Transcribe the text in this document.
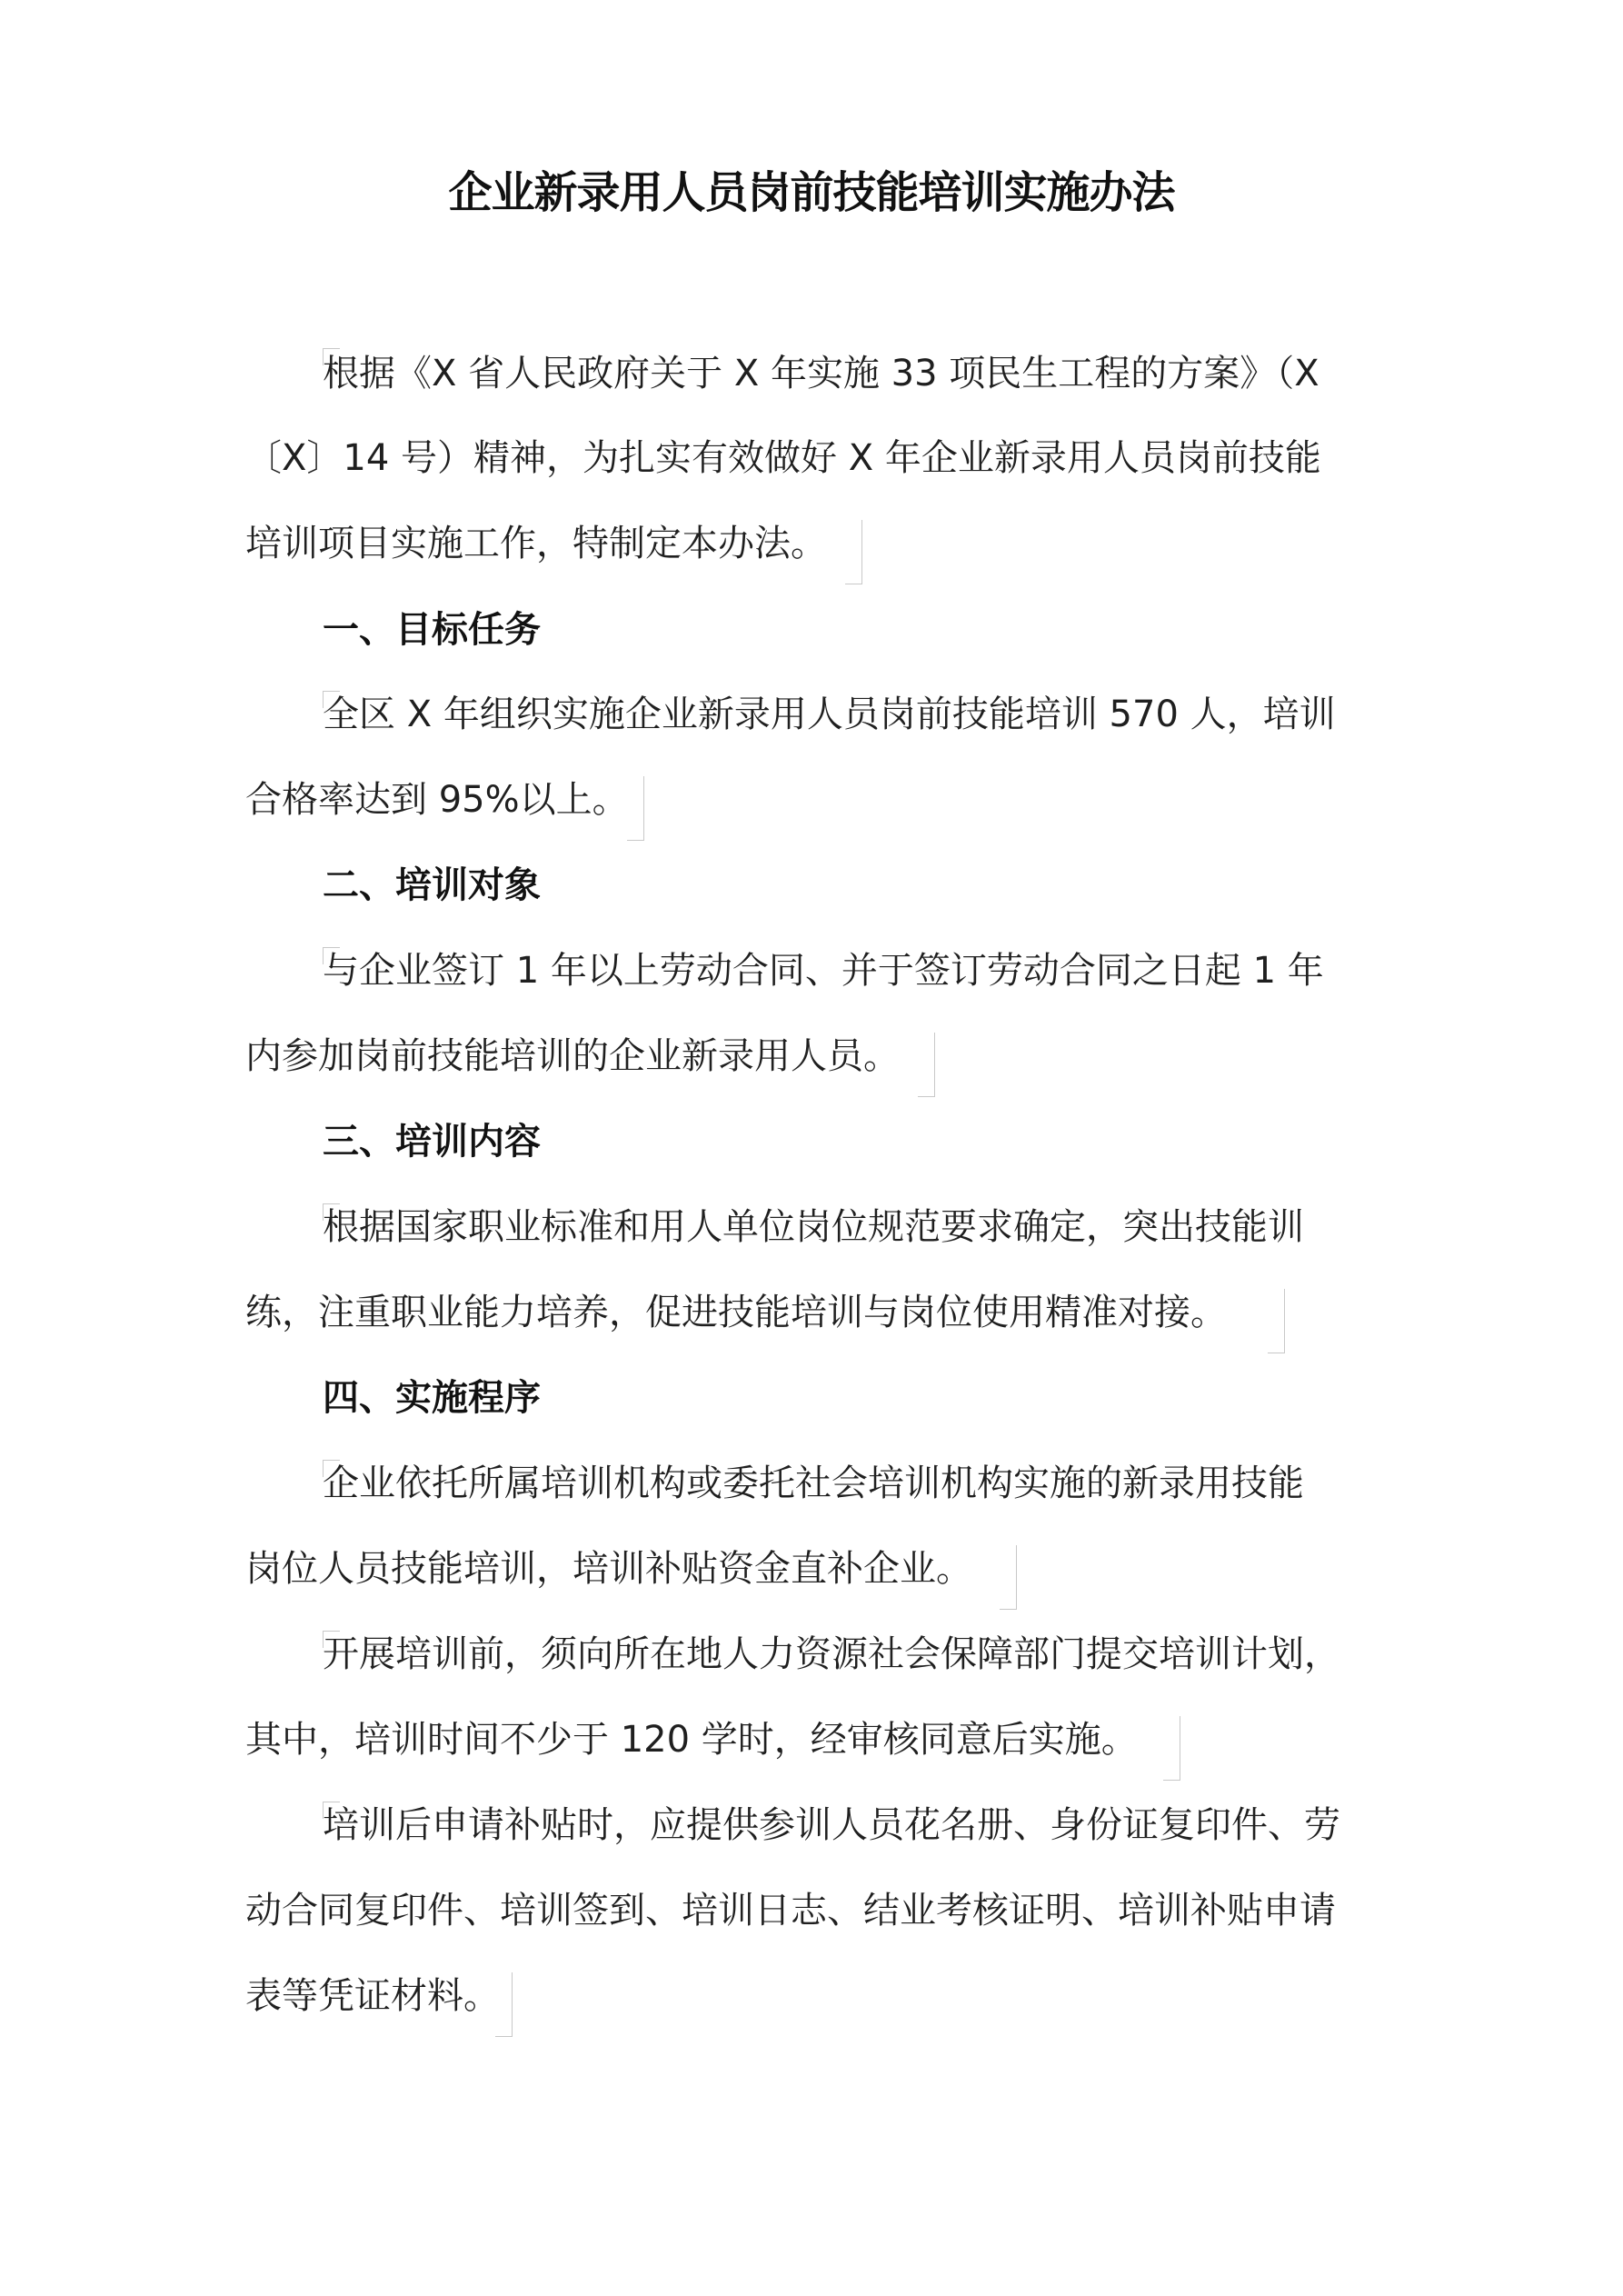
企业新录用人员岗前技能培训实施办法
根据《X 省人民政府关于 X 年实施 33 项民生工程的方案》（X
〔X〕14 号）精神，为扎实有效做好 X 年企业新录用人员岗前技能
培训项目实施工作，特制定本办法。
一、目标任务
全区 X 年组织实施企业新录用人员岗前技能培训 570 人，培训
合格率达到 95%以上。
二、培训对象
与企业签订 1 年以上劳动合同、并于签订劳动合同之日起 1 年
内参加岗前技能培训的企业新录用人员。
三、培训内容
根据国家职业标准和用人单位岗位规范要求确定，突出技能训
练，注重职业能力培养，促进技能培训与岗位使用精准对接。
四、实施程序
企业依托所属培训机构或委托社会培训机构实施的新录用技能
岗位人员技能培训，培训补贴资金直补企业。
开展培训前，须向所在地人力资源社会保障部门提交培训计划，
其中，培训时间不少于 120 学时，经审核同意后实施。
培训后申请补贴时，应提供参训人员花名册、身份证复印件、劳
动合同复印件、培训签到、培训日志、结业考核证明、培训补贴申请
表等凭证材料。
